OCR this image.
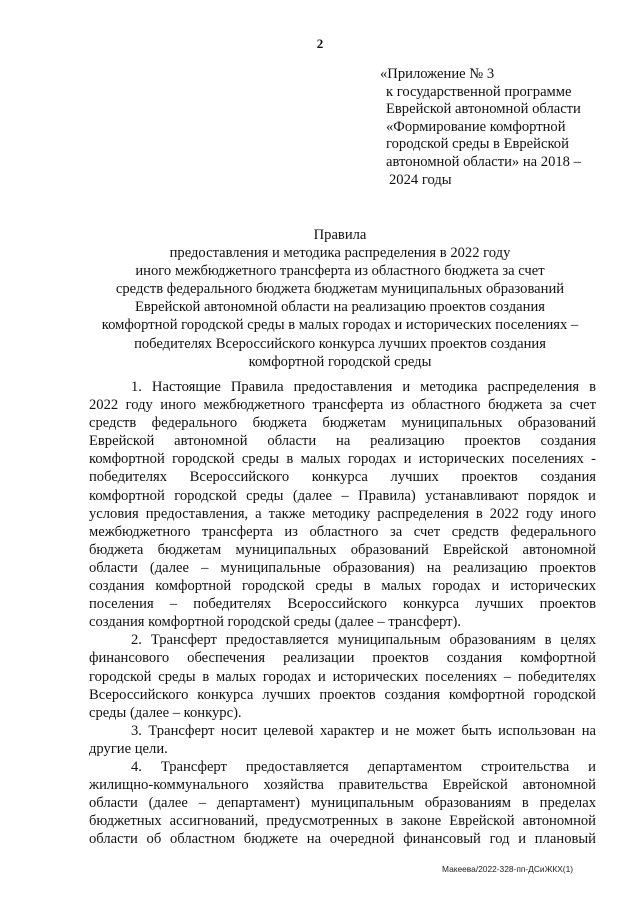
2
«Приложение № 3
к государственной программе
Еврейской автономной области
«Формирование комфортной
городской среды в Еврейской
автономной области» на 2018 –
2024 годы
Правила
предоставления и методика распределения в 2022 году
иного межбюджетного трансферта из областного бюджета за счет
средств федерального бюджета бюджетам муниципальных образований
Еврейской автономной области на реализацию проектов создания
комфортной городской среды в малых городах и исторических поселениях –
победителях Всероссийского конкурса лучших проектов создания
комфортной городской среды
1. Настоящие Правила предоставления и методика распределения в
2022 году иного межбюджетного трансферта из областного бюджета за счет
средств федерального бюджета бюджетам муниципальных образований
Еврейской автономной области на реализацию проектов создания
комфортной городской среды в малых городах и исторических поселениях -
победителях Всероссийского конкурса лучших проектов создания
комфортной городской среды (далее – Правила) устанавливают порядок и
условия предоставления, а также методику распределения в 2022 году иного
межбюджетного трансферта из областного за счет средств федерального
бюджета бюджетам муниципальных образований Еврейской автономной
области (далее – муниципальные образования) на реализацию проектов
создания комфортной городской среды в малых городах и исторических
поселения – победителях Всероссийского конкурса лучших проектов
создания комфортной городской среды (далее – трансферт).
2. Трансферт предоставляется муниципальным образованиям в целях
финансового обеспечения реализации проектов создания комфортной
городской среды в малых городах и исторических поселениях – победителях
Всероссийского конкурса лучших проектов создания комфортной городской
среды (далее – конкурс).
3. Трансферт носит целевой характер и не может быть использован на
другие цели.
4. Трансферт предоставляется департаментом строительства и
жилищно-коммунального хозяйства правительства Еврейской автономной
области (далее – департамент) муниципальным образованиям в пределах
бюджетных ассигнований, предусмотренных в законе Еврейской автономной
области об областном бюджете на очередной финансовый год и плановый
Макеева/2022-328-пп-ДСиЖКХ(1)
